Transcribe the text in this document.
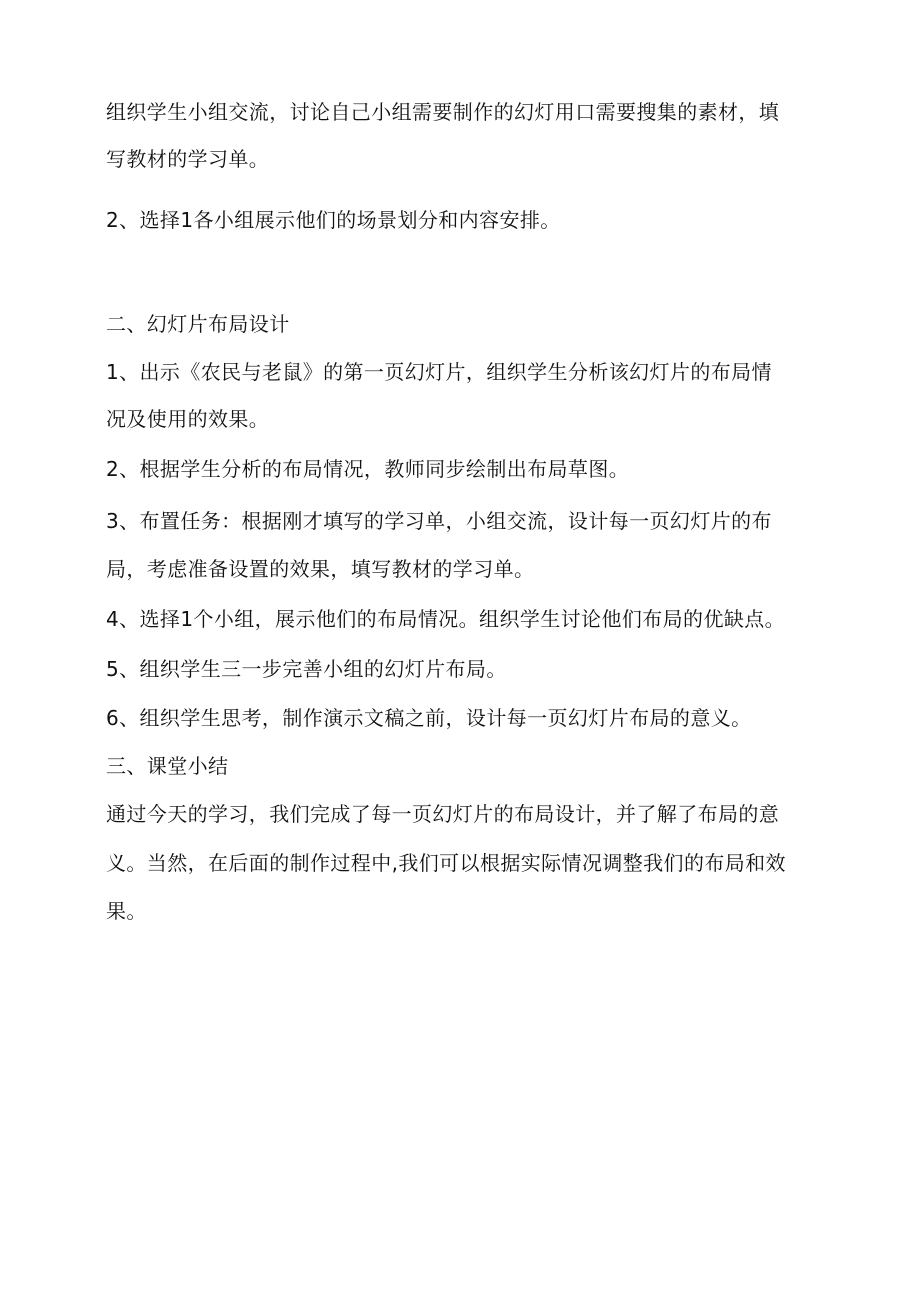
组织学生小组交流，讨论自己小组需要制作的幻灯用口需要搜集的素材，填
写教材的学习单。
2、选择1各小组展示他们的场景划分和内容安排。
二、幻灯片布局设计
1、出示《农民与老鼠》的第一页幻灯片，组织学生分析该幻灯片的布局情
况及使用的效果。
2、根据学生分析的布局情况，教师同步绘制出布局草图。
3、布置任务：根据刚才填写的学习单，小组交流，设计每一页幻灯片的布
局，考虑准备设置的效果，填写教材的学习单。
4、选择1个小组，展示他们的布局情况。组织学生讨论他们布局的优缺点。
5、组织学生三一步完善小组的幻灯片布局。
6、组织学生思考，制作演示文稿之前，设计每一页幻灯片布局的意义。
三、课堂小结
通过今天的学习，我们完成了每一页幻灯片的布局设计，并了解了布局的意
义。当然，在后面的制作过程中,我们可以根据实际情况调整我们的布局和效
果。
